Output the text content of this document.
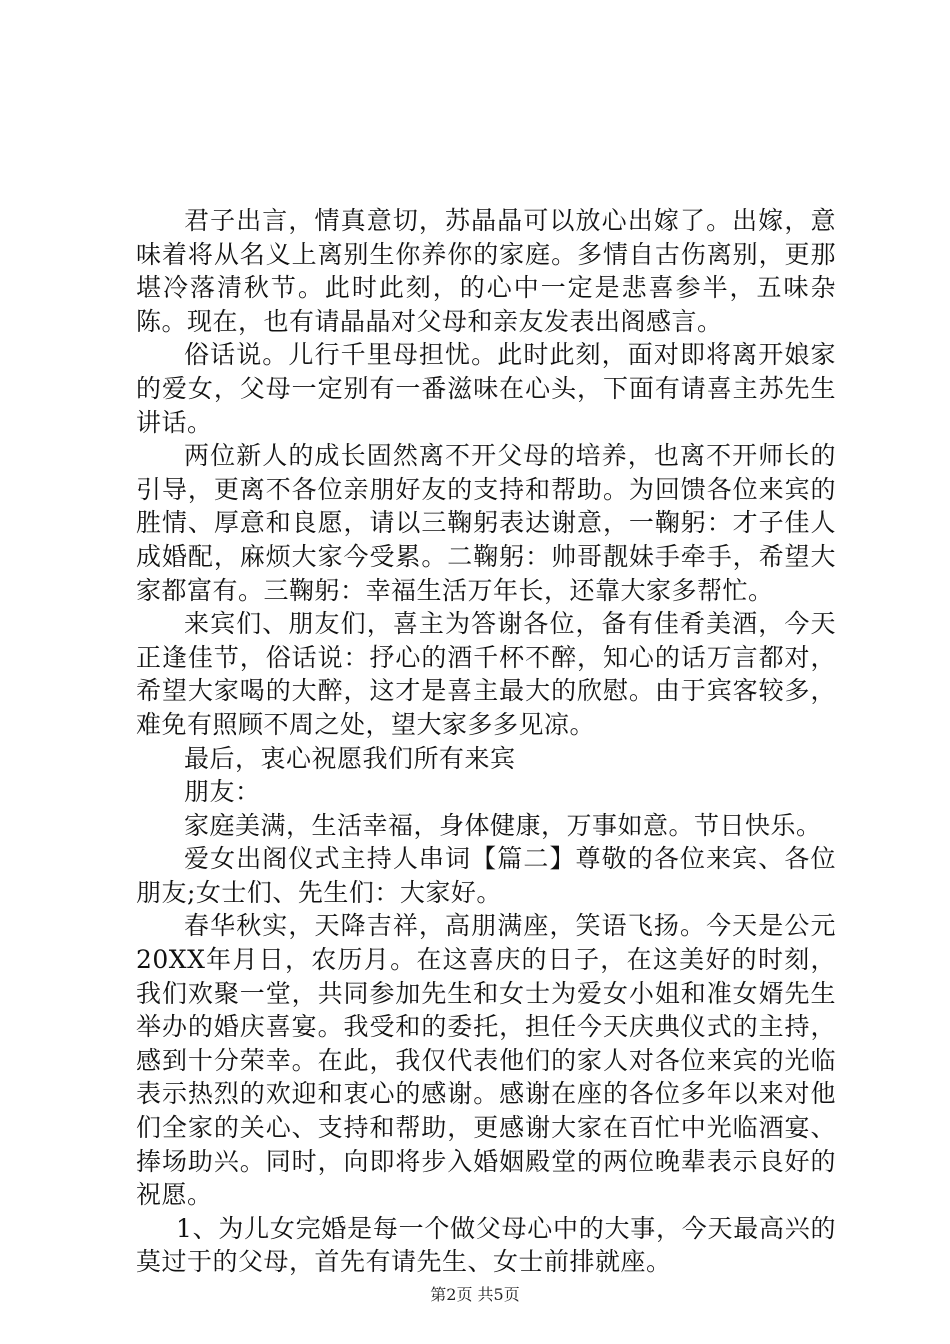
君子出言，情真意切，苏晶晶可以放心出嫁了。出嫁，意味着将从名义上离别生你养你的家庭。多情自古伤离别，更那堪冷落清秋节。此时此刻，的心中一定是悲喜参半，五味杂陈。现在，也有请晶晶对父母和亲友发表出阁感言。

俗话说。儿行千里母担忧。此时此刻，面对即将离开娘家的爱女，父母一定别有一番滋味在心头，下面有请喜主苏先生讲话。

两位新人的成长固然离不开父母的培养，也离不开师长的引导，更离不各位亲朋好友的支持和帮助。为回馈各位来宾的胜情、厚意和良愿，请以三鞠躬表达谢意，一鞠躬：才子佳人成婚配，麻烦大家今受累。二鞠躬：帅哥靓妹手牵手，希望大家都富有。三鞠躬：幸福生活万年长，还靠大家多帮忙。

来宾们、朋友们，喜主为答谢各位，备有佳肴美酒，今天正逢佳节，俗话说：抒心的酒千杯不醉，知心的话万言都对，希望大家喝的大醉，这才是喜主最大的欣慰。由于宾客较多，难免有照顾不周之处，望大家多多见凉。

最后，衷心祝愿我们所有来宾

朋友：

家庭美满，生活幸福，身体健康，万事如意。节日快乐。

爱女出阁仪式主持人串词【篇二】尊敬的各位来宾、各位朋友;女士们、先生们：大家好。

春华秋实，天降吉祥，高朋满座，笑语飞扬。今天是公元20XX年月日，农历月。在这喜庆的日子，在这美好的时刻，我们欢聚一堂，共同参加先生和女士为爱女小姐和准女婿先生举办的婚庆喜宴。我受和的委托，担任今天庆典仪式的主持，感到十分荣幸。在此，我仅代表他们的家人对各位来宾的光临表示热烈的欢迎和衷心的感谢。感谢在座的各位多年以来对他们全家的关心、支持和帮助，更感谢大家在百忙中光临酒宴、捧场助兴。同时，向即将步入婚姻殿堂的两位晚辈表示良好的祝愿。

1、为儿女完婚是每一个做父母心中的大事，今天最高兴的莫过于的父母，首先有请先生、女士前排就座。

第2页 共5页
